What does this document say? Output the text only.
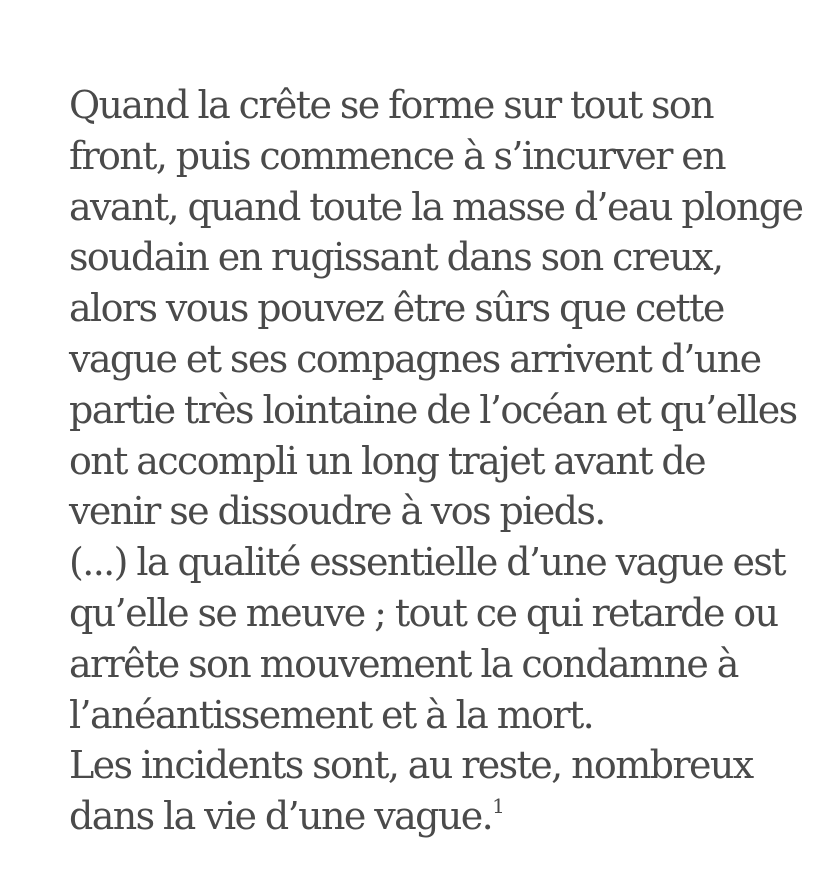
Quand la crête se forme sur tout son
front, puis commence à s’incurver en
avant, quand toute la masse d’eau plonge
soudain en rugissant dans son creux,
alors vous pouvez être sûrs que cette
vague et ses compagnes arrivent d’une
partie très lointaine de l’océan et qu’elles
ont accompli un long trajet avant de
venir se dissoudre à vos pieds.
(...) la qualité essentielle d’une vague est
qu’elle se meuve ; tout ce qui retarde ou
arrête son mouvement la condamne à
l’anéantissement et à la mort.
Les incidents sont, au reste, nombreux
dans la vie d’une vague.$^1$
